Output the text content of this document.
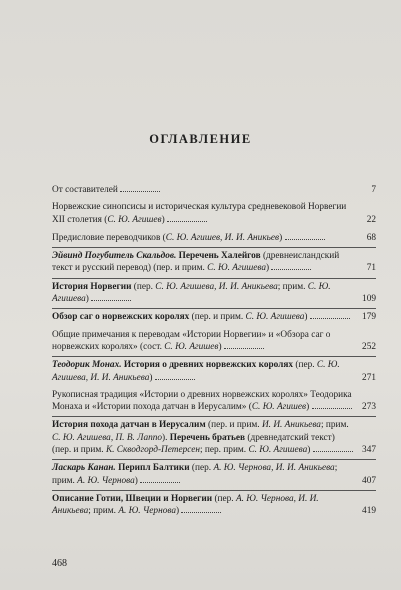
ОГЛАВЛЕНИЕ
От составителей	7
Норвежские синопсисы и историческая культура средневековой Норвегии XII столетия (С. Ю. Агишев)	22
Предисловие переводчиков (С. Ю. Агишев, И. И. Аникьев)	68
Эйвинд Погубитель Скальдов. Перечень Халейгов (древнеисландский текст и русский перевод) (пер. и прим. С. Ю. Агишева)	71
История Норвегии (пер. С. Ю. Агишева, И. И. Аникьева; прим. С. Ю. Агишева)	109
Обзор саг о норвежских королях (пер. и прим. С. Ю. Агишева)	179
Общие примечания к переводам «Истории Норвегии» и «Обзора саг о норвежских королях» (сост. С. Ю. Агишев)	252
Теодорик Монах. История о древних норвежских королях (пер. С. Ю. Агишева, И. И. Аникьева)	271
Рукописная традиция «Истории о древних норвежских королях» Теодорика Монаха и «Истории похода датчан в Иерусалим» (С. Ю. Агишев)	273
История похода датчан в Иерусалим (пер. и прим. И. И. Аникьева; прим. С. Ю. Агишева, П. В. Лаппо). Перечень братьев (древнедатский текст) (пер. и прим. К. Скводгорд-Петерсен; пер. прим. С. Ю. Агишева)	347
Ласкарь Канан. Перипл Балтики (пер. А. Ю. Чернова, И. И. Аникьева; прим. А. Ю. Чернова)	407
Описание Готии, Швеции и Норвегии (пер. А. Ю. Чернова, И. И. Аникьева; прим. А. Ю. Чернова)	419
468
